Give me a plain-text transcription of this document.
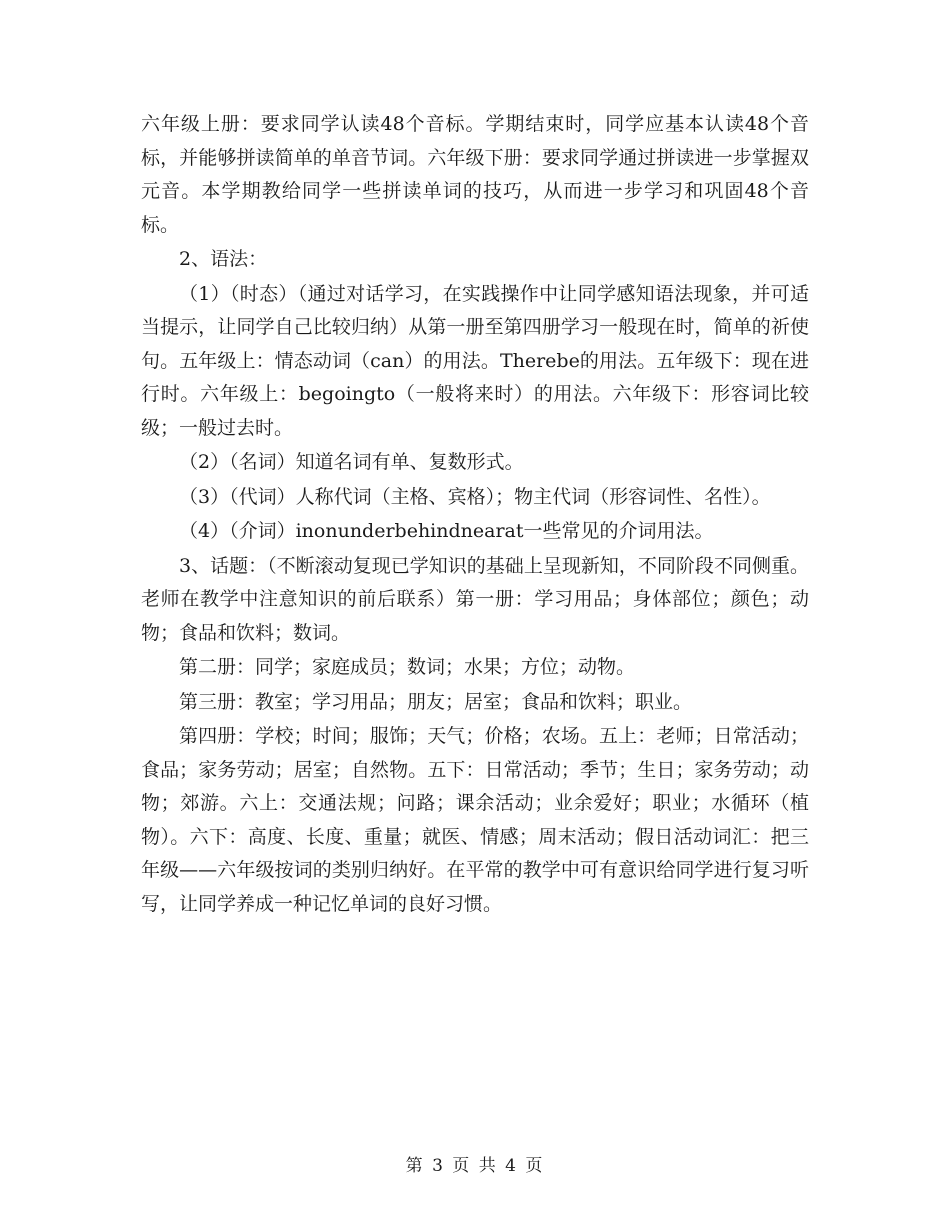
六年级上册：要求同学认读48个音标。学期结束时，同学应基本认读48个音标，并能够拼读简单的单音节词。六年级下册：要求同学通过拼读进一步掌握双元音。本学期教给同学一些拼读单词的技巧，从而进一步学习和巩固48个音标。

2、语法：

（1）（时态）（通过对话学习，在实践操作中让同学感知语法现象，并可适当提示，让同学自己比较归纳）从第一册至第四册学习一般现在时，简单的祈使句。五年级上：情态动词（can）的用法。Therebe的用法。五年级下：现在进行时。六年级上：begoingto（一般将来时）的用法。六年级下：形容词比较级；一般过去时。

（2）（名词）知道名词有单、复数形式。

（3）（代词）人称代词（主格、宾格）；物主代词（形容词性、名性）。

（4）（介词）inonunderbehindnearat一些常见的介词用法。

3、话题：（不断滚动复现已学知识的基础上呈现新知，不同阶段不同侧重。老师在教学中注意知识的前后联系）第一册：学习用品；身体部位；颜色；动物；食品和饮料；数词。

第二册：同学；家庭成员；数词；水果；方位；动物。

第三册：教室；学习用品；朋友；居室；食品和饮料；职业。

第四册：学校；时间；服饰；天气；价格；农场。五上：老师；日常活动；食品；家务劳动；居室；自然物。五下：日常活动；季节；生日；家务劳动；动物；郊游。六上：交通法规；问路；课余活动；业余爱好；职业；水循环（植物）。六下：高度、长度、重量；就医、情感；周末活动；假日活动词汇：把三年级——六年级按词的类别归纳好。在平常的教学中可有意识给同学进行复习听写，让同学养成一种记忆单词的良好习惯。

第 3 页 共 4 页
